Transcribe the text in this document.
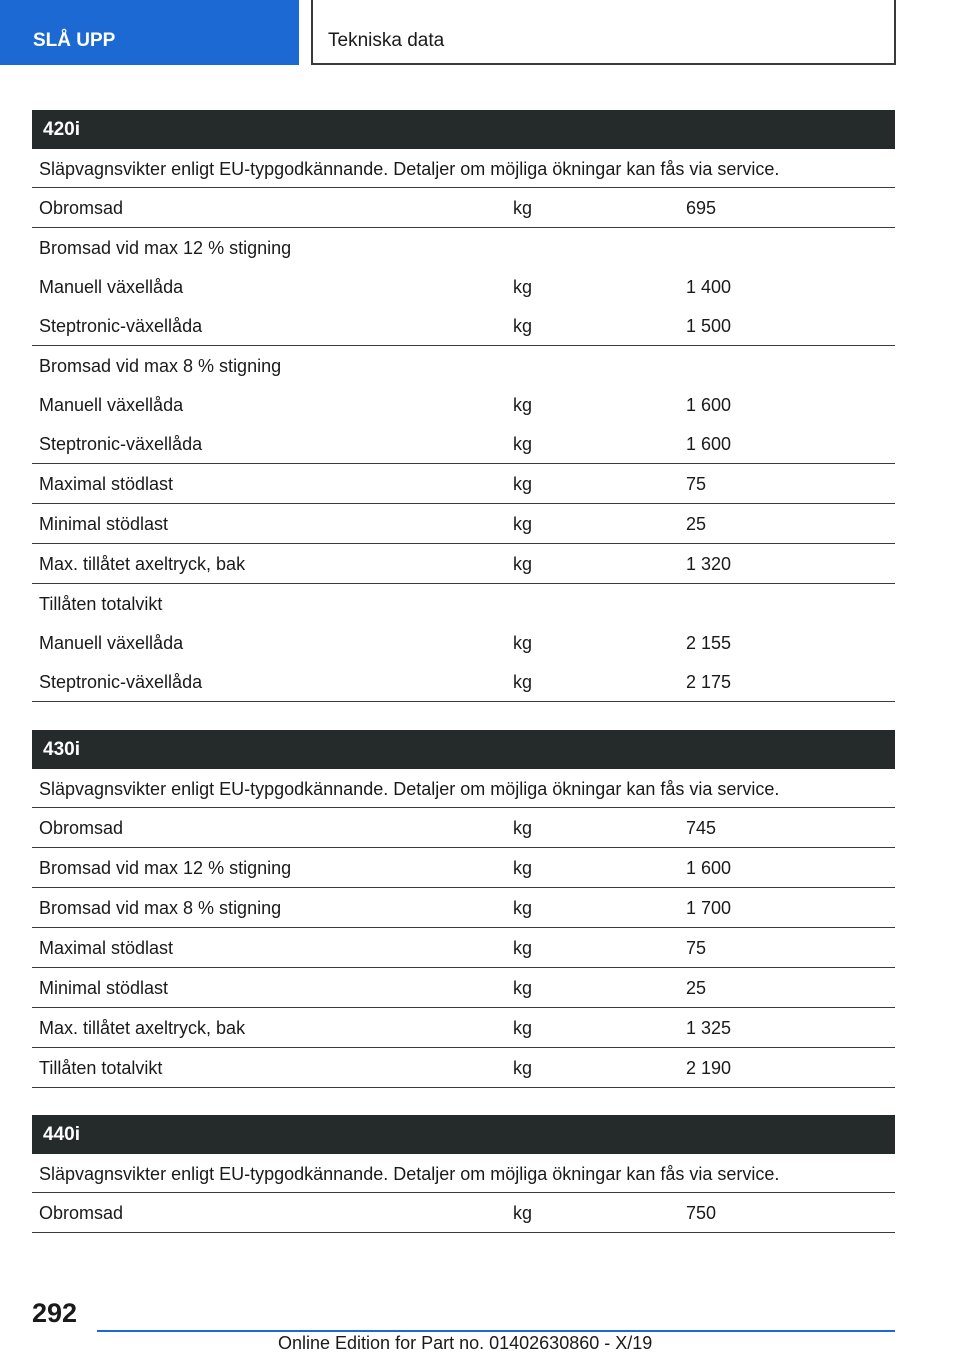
SLÅ UPP	Tekniska data
420i
Släpvagnsvikter enligt EU-typgodkännande. Detaljer om möjliga ökningar kan fås via service.
Obromsad	kg	695
Bromsad vid max 12 % stigning
Manuell växellåda	kg	1 400
Steptronic-växellåda	kg	1 500
Bromsad vid max 8 % stigning
Manuell växellåda	kg	1 600
Steptronic-växellåda	kg	1 600
Maximal stödlast	kg	75
Minimal stödlast	kg	25
Max. tillåtet axeltryck, bak	kg	1 320
Tillåten totalvikt
Manuell växellåda	kg	2 155
Steptronic-växellåda	kg	2 175
430i
Släpvagnsvikter enligt EU-typgodkännande. Detaljer om möjliga ökningar kan fås via service.
Obromsad	kg	745
Bromsad vid max 12 % stigning	kg	1 600
Bromsad vid max 8 % stigning	kg	1 700
Maximal stödlast	kg	75
Minimal stödlast	kg	25
Max. tillåtet axeltryck, bak	kg	1 325
Tillåten totalvikt	kg	2 190
440i
Släpvagnsvikter enligt EU-typgodkännande. Detaljer om möjliga ökningar kan fås via service.
Obromsad	kg	750
292
Online Edition for Part no. 01402630860 - X/19
